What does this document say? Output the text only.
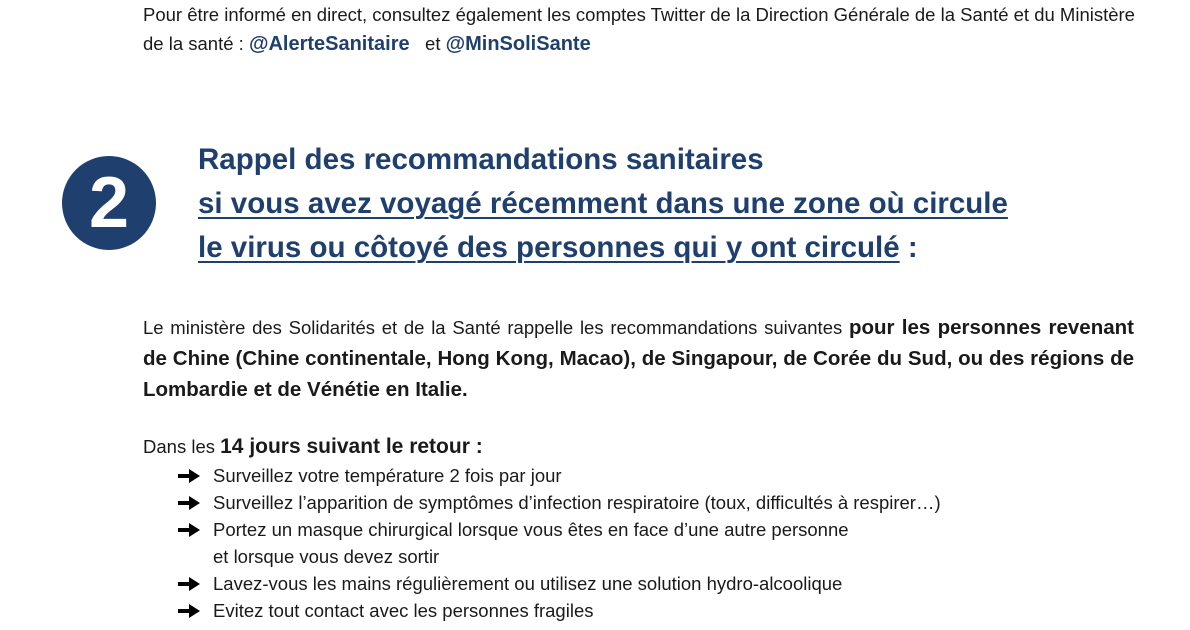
Pour être informé en direct, consultez également les comptes Twitter de la Direction Générale de la Santé et du Ministère de la santé : @AlerteSanitaire et @MinSoliSante
2
Rappel des recommandations sanitaires
si vous avez voyagé récemment dans une zone où circule
le virus ou côtoyé des personnes qui y ont circulé :
Le ministère des Solidarités et de la Santé rappelle les recommandations suivantes pour les personnes revenant de Chine (Chine continentale, Hong Kong, Macao), de Singapour, de Corée du Sud, ou des régions de Lombardie et de Vénétie en Italie.
Dans les 14 jours suivant le retour :
Surveillez votre température 2 fois par jour
Surveillez l’apparition de symptômes d’infection respiratoire (toux, difficultés à respirer…)
Portez un masque chirurgical lorsque vous êtes en face d’une autre personne
et lorsque vous devez sortir
Lavez-vous les mains régulièrement ou utilisez une solution hydro-alcoolique
Evitez tout contact avec les personnes fragiles
